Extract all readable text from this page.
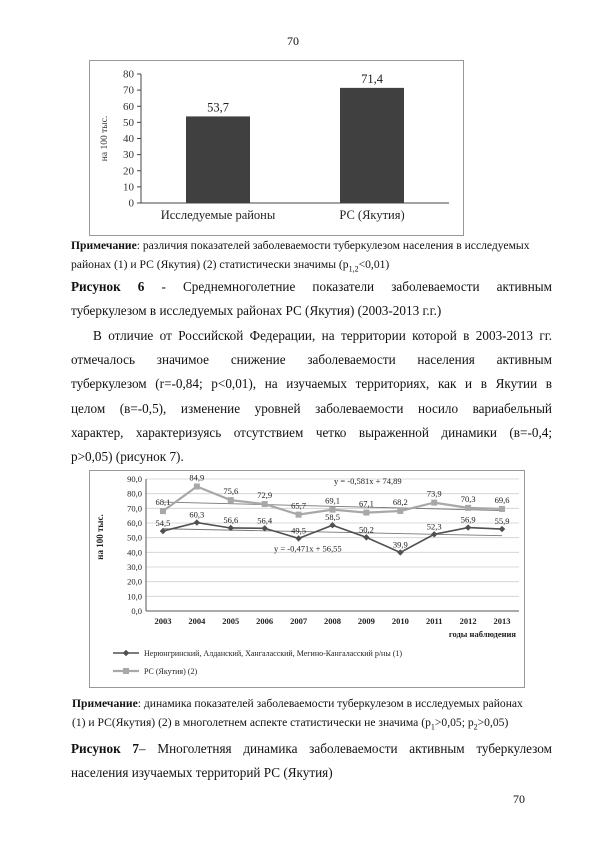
70
0
10
20
30
40
50
60
70
80
на 100 тыс.
53,7
Исследуемые районы
71,4
РС (Якутия)
Примечание: различия показателей заболеваемости туберкулезом населения в исследуемых
районах (1) и РС (Якутия) (2) статистически значимы $(p_{1,2}<0,01)$
Рисунок 6 - Среднемноголетние показатели заболеваемости активным
туберкулезом в исследуемых районах РС (Якутия) (2003-2013 г.г.)
В отличие от Российской Федерации, на территории которой в 2003-2013 гг.
отмечалось значимое снижение заболеваемости населения активным
туберкулезом (r=-0,84; p<0,01), на изучаемых территориях, как и в Якутии в
целом (в=-0,5), изменение уровней заболеваемости носило вариабельный
характер, характеризуясь отсутствием четко выраженной динамики (в=-0,4;
p>0,05) (рисунок 7).
0,0
10,0
20,0
30,0
40,0
50,0
60,0
70,0
80,0
90,0
на 100 тыс.
2003 2004 2005 2006 2007 2008 2009 2010 2011 2012 2013
годы наблюдения
y = -0,471x + 56,55
54,5
60,3
56,6 56,4
49,5
58,5
50,2
39,9
52,3
56,9 55,9
y = -0,581x + 74,89
68,1
84,9
75,6 72,9
65,7 69,1 67,1 68,2
73,9
70,3 69,6
Нерюнгринский, Алданский, Хангаласский, Мегино-Кангаласский р/ны (1)
РС (Якутия) (2)
Примечание: динамика показателей заболеваемости туберкулезом в исследуемых районах
(1) и РС(Якутия) (2) в многолетнем аспекте статистически не значима ($p_1>0,05$; $p_2>0,05$)
Рисунок 7– Многолетняя динамика заболеваемости активным туберкулезом
населения изучаемых территорий РС (Якутия)
70
